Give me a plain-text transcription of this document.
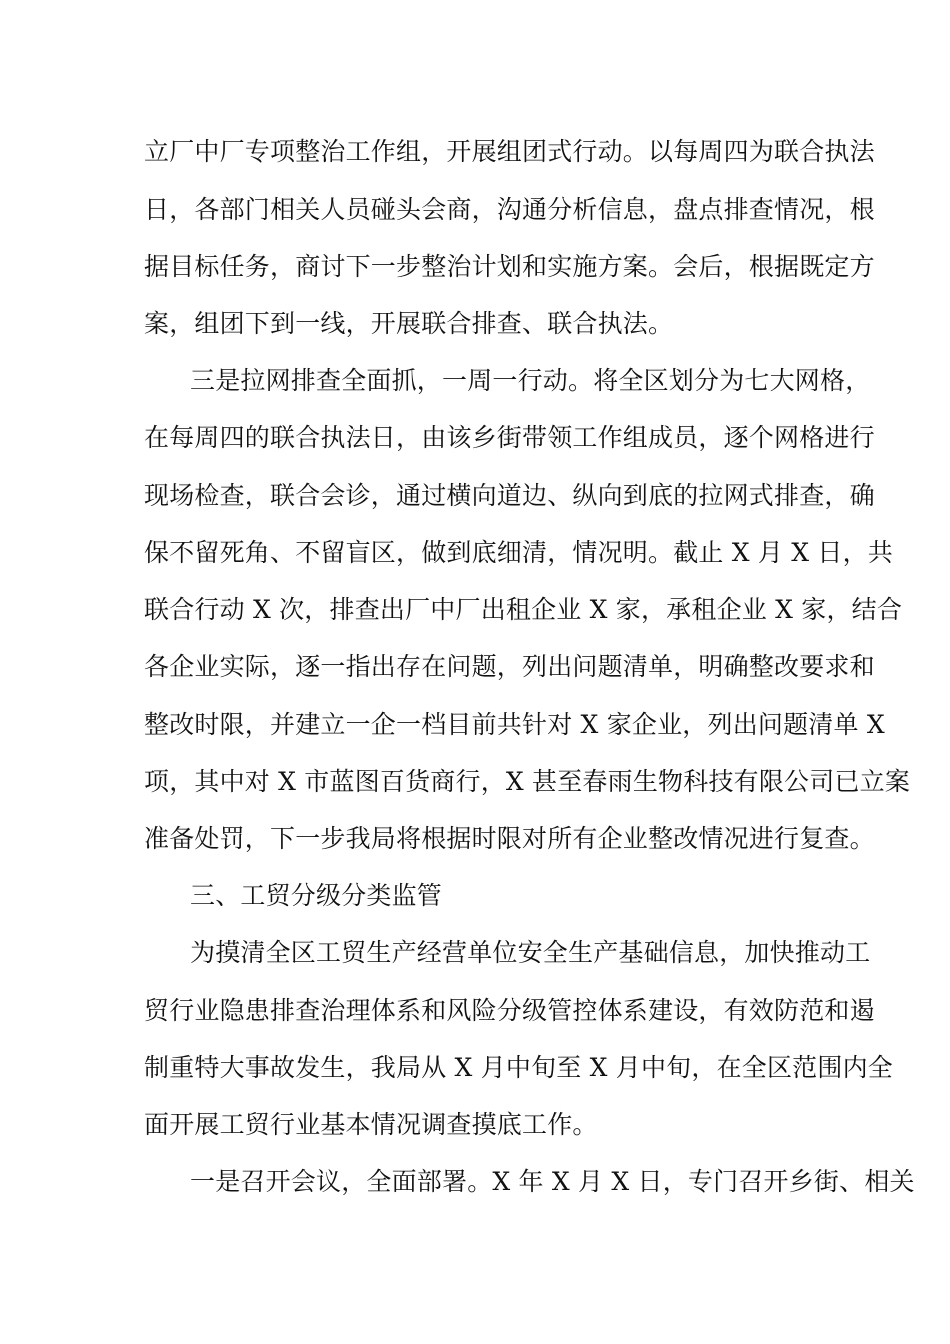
立厂中厂专项整治工作组，开展组团式行动。以每周四为联合执法
日，各部门相关人员碰头会商，沟通分析信息，盘点排查情况，根
据目标任务，商讨下一步整治计划和实施方案。会后，根据既定方
案，组团下到一线，开展联合排查、联合执法。
三是拉网排查全面抓，一周一行动。将全区划分为七大网格，
在每周四的联合执法日，由该乡街带领工作组成员，逐个网格进行
现场检查，联合会诊，通过横向道边、纵向到底的拉网式排查，确
保不留死角、不留盲区，做到底细清，情况明。截止 X 月 X 日，共
联合行动 X 次，排查出厂中厂出租企业 X 家，承租企业 X 家，结合
各企业实际，逐一指出存在问题，列出问题清单，明确整改要求和
整改时限，并建立一企一档目前共针对 X 家企业，列出问题清单 X
项，其中对 X 市蓝图百货商行，X 甚至春雨生物科技有限公司已立案
准备处罚，下一步我局将根据时限对所有企业整改情况进行复查。
三、工贸分级分类监管
为摸清全区工贸生产经营单位安全生产基础信息，加快推动工
贸行业隐患排查治理体系和风险分级管控体系建设，有效防范和遏
制重特大事故发生，我局从 X 月中旬至 X 月中旬，在全区范围内全
面开展工贸行业基本情况调查摸底工作。
一是召开会议，全面部署。X 年 X 月 X 日，专门召开乡街、相关
